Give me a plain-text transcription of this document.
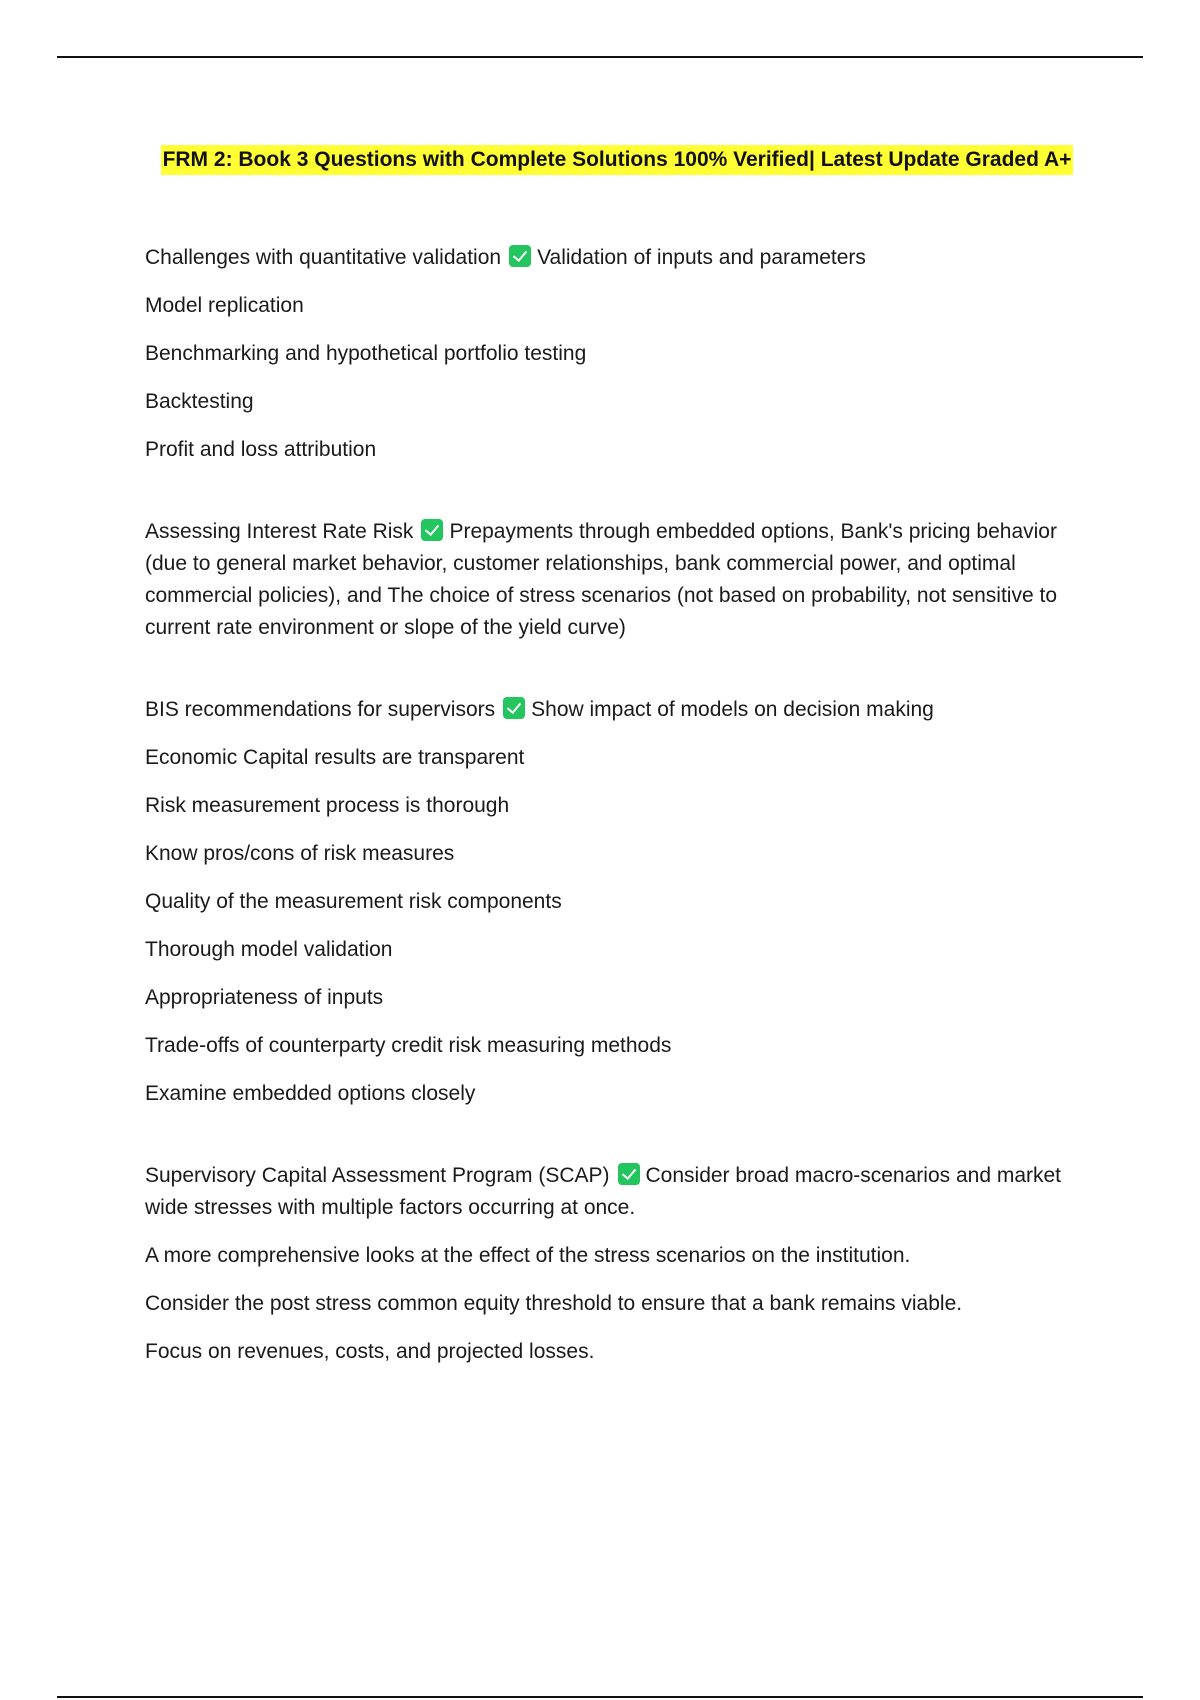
FRM 2: Book 3 Questions with Complete Solutions 100% Verified| Latest Update Graded A+

Challenges with quantitative validation Validation of inputs and parameters

Model replication

Benchmarking and hypothetical portfolio testing

Backtesting

Profit and loss attribution

Assessing Interest Rate Risk Prepayments through embedded options, Bank's pricing behavior (due to general market behavior, customer relationships, bank commercial power, and optimal commercial policies), and The choice of stress scenarios (not based on probability, not sensitive to current rate environment or slope of the yield curve)

BIS recommendations for supervisors Show impact of models on decision making

Economic Capital results are transparent

Risk measurement process is thorough

Know pros/cons of risk measures

Quality of the measurement risk components

Thorough model validation

Appropriateness of inputs

Trade-offs of counterparty credit risk measuring methods

Examine embedded options closely

Supervisory Capital Assessment Program (SCAP) Consider broad macro-scenarios and market wide stresses with multiple factors occurring at once.

A more comprehensive looks at the effect of the stress scenarios on the institution.

Consider the post stress common equity threshold to ensure that a bank remains viable.

Focus on revenues, costs, and projected losses.
